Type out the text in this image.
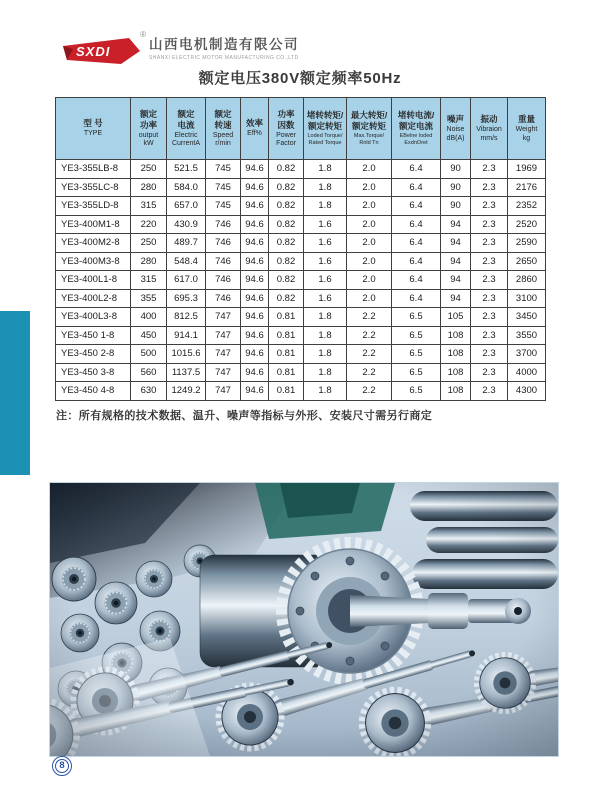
SXDI
®
山西电机制造有限公司
SHANXI ELECTRIC MOTOR MANUFACTURING CO.,LTD
额定电压380V额定频率50Hz
型 号
TYPE

额定
功率
output
kW

额定
电流
Electric
CurrentA

额定
转速
Speed
r/min

效率
Eff%

功率
因数
Power
Factor

堵转转矩/
额定转矩
Loded Torque/
Rated Torque

最大转矩/
额定转矩
Max.Torque/
Rnld Tn

堵转电流/
额定电流
EBelne loded
ExdnOret

噪声
Noise
dB(A)

振动
Vibraion
mm/s

重量
Weight
kg

YE3-355LB-8	250	521.5	745	94.6	0.82	1.8	2.0	6.4	90	2.3	1969
YE3-355LC-8	280	584.0	745	94.6	0.82	1.8	2.0	6.4	90	2.3	2176
YE3-355LD-8	315	657.0	745	94.6	0.82	1.8	2.0	6.4	90	2.3	2352
YE3-400M1-8	220	430.9	746	94.6	0.82	1.6	2.0	6.4	94	2.3	2520
YE3-400M2-8	250	489.7	746	94.6	0.82	1.6	2.0	6.4	94	2.3	2590
YE3-400M3-8	280	548.4	746	94.6	0.82	1.6	2.0	6.4	94	2.3	2650
YE3-400L1-8	315	617.0	746	94.6	0.82	1.6	2.0	6.4	94	2.3	2860
YE3-400L2-8	355	695.3	746	94.6	0.82	1.6	2.0	6.4	94	2.3	3100
YE3-400L3-8	400	812.5	747	94.6	0.81	1.8	2.2	6.5	105	2.3	3450
YE3-450 1-8	450	914.1	747	94.6	0.81	1.8	2.2	6.5	108	2.3	3550
YE3-450 2-8	500	1015.6	747	94.6	0.81	1.8	2.2	6.5	108	2.3	3700
YE3-450 3-8	560	1137.5	747	94.6	0.81	1.8	2.2	6.5	108	2.3	4000
YE3-450 4-8	630	1249.2	747	94.6	0.81	1.8	2.2	6.5	108	2.3	4300
注：所有规格的技术数据、温升、噪声等指标与外形、安装尺寸需另行商定
8
